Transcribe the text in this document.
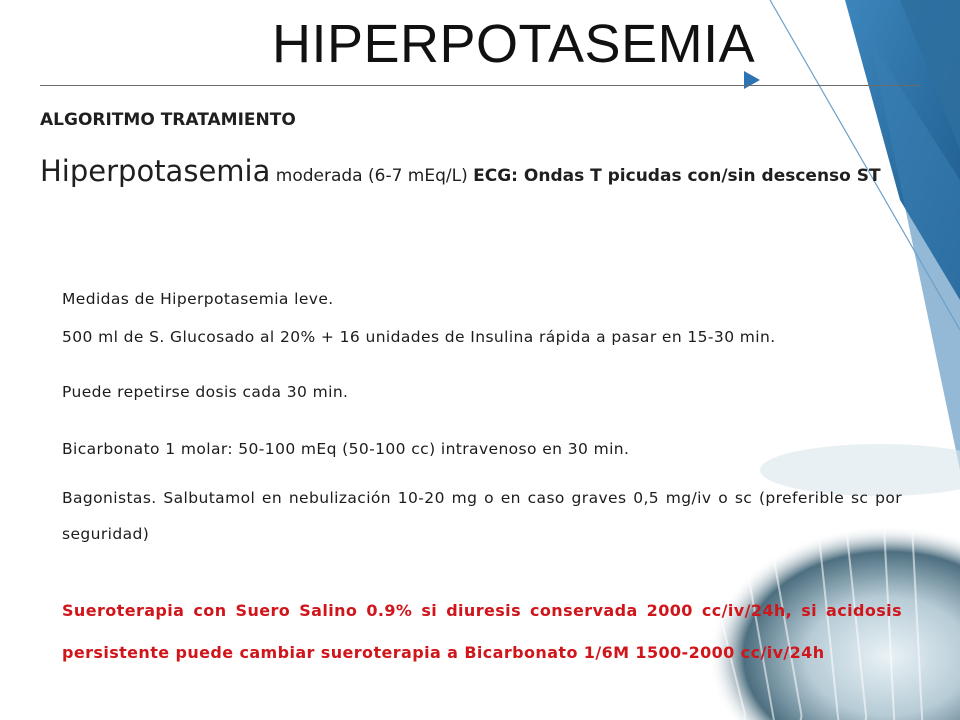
HIPERPOTASEMIA
ALGORITMO TRATAMIENTO
Hiperpotasemia moderada (6-7 mEq/L) ECG: Ondas T picudas con/sin descenso ST
Medidas de Hiperpotasemia leve.
500 ml de S. Glucosado al 20% + 16 unidades de Insulina rápida a pasar en 15-30 min.
Puede repetirse dosis cada 30 min.
Bicarbonato 1 molar: 50-100 mEq (50-100 cc) intravenoso en 30 min.
Bagonistas. Salbutamol en nebulización 10-20 mg o en caso graves 0,5 mg/iv o sc (preferible sc por seguridad)
Sueroterapia con Suero Salino 0.9% si diuresis conservada 2000 cc/iv/24h, si acidosis persistente puede cambiar sueroterapia a Bicarbonato 1/6M 1500-2000 cc/iv/24h
